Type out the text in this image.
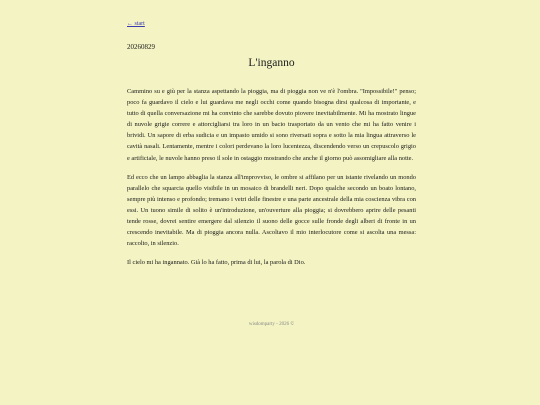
← start
20260829
L'inganno

Cammino su e giù per la stanza aspettando la pioggia, ma di pioggia non ve n'è l'ombra. "Impossibile!" penso; poco fa guardavo il cielo e lui guardava me negli occhi come quando bisogna dirsi qualcosa di importante, e tutto di quella conversazione mi ha convinto che sarebbe dovuto piovere inevitabilmente. Mi ha mostrato lingue di nuvole grigie correre e attorcigliarsi tra loro in un bacio trasportato da un vento che mi ha fatto venire i brividi. Un sapore di erba sudicia e un impasto umido si sono riversati sopra e sotto la mia lingua attraverso le cavità nasali. Lentamente, mentre i colori perdevano la loro lucentezza, discendendo verso un crepuscolo grigio e artificiale, le nuvole hanno preso il sole in ostaggio mostrando che anche il giorno può assomigliare alla notte.

Ed ecco che un lampo abbaglia la stanza all'improvviso, le ombre si affilano per un istante rivelando un mondo parallelo che squarcia quello visibile in un mosaico di brandelli neri. Dopo qualche secondo un boato lontano, sempre più intenso e profondo; tremano i vetri delle finestre e una parte ancestrale della mia coscienza vibra con essi. Un tuono simile di solito è un'introduzione, un'ouverture alla pioggia; si dovrebbero aprire delle pesanti tende rosse, dovrei sentire emergere dal silenzio il suono delle gocce sulle fronde degli alberi di fronte in un crescendo inevitabile. Ma di pioggia ancora nulla. Ascoltavo il mio interlocutore come si ascolta una messa: raccolto, in silenzio.

Il cielo mi ha ingannato. Già lo ha fatto, prima di lui, la parola di Dio.

wisdomparty - 2026 ©
